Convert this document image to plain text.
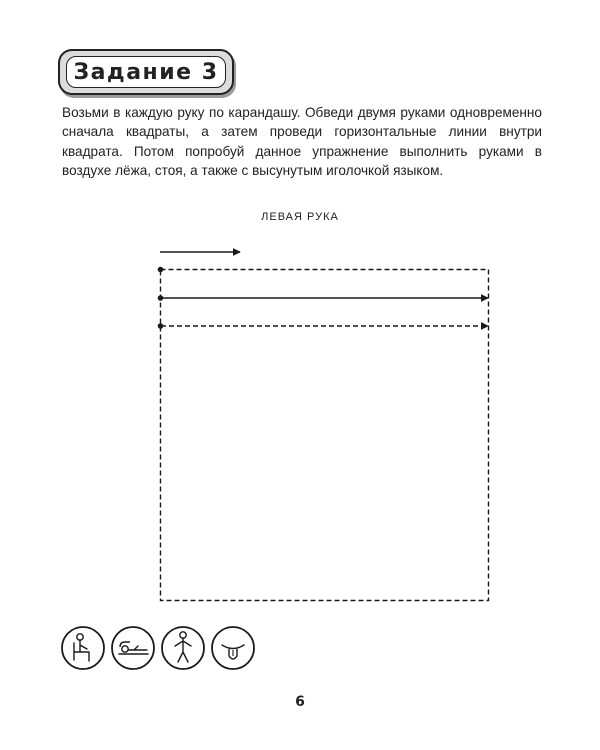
Задание 3
Возьми в каждую руку по карандашу. Обведи двумя руками одновременно сначала квадраты, а затем проведи горизонтальные линии внутри квадрата. Потом попробуй данное упражнение выполнить руками в воздухе лёжа, стоя, а также с высунутым иголочкой языком.
ЛЕВАЯ РУКА
6
